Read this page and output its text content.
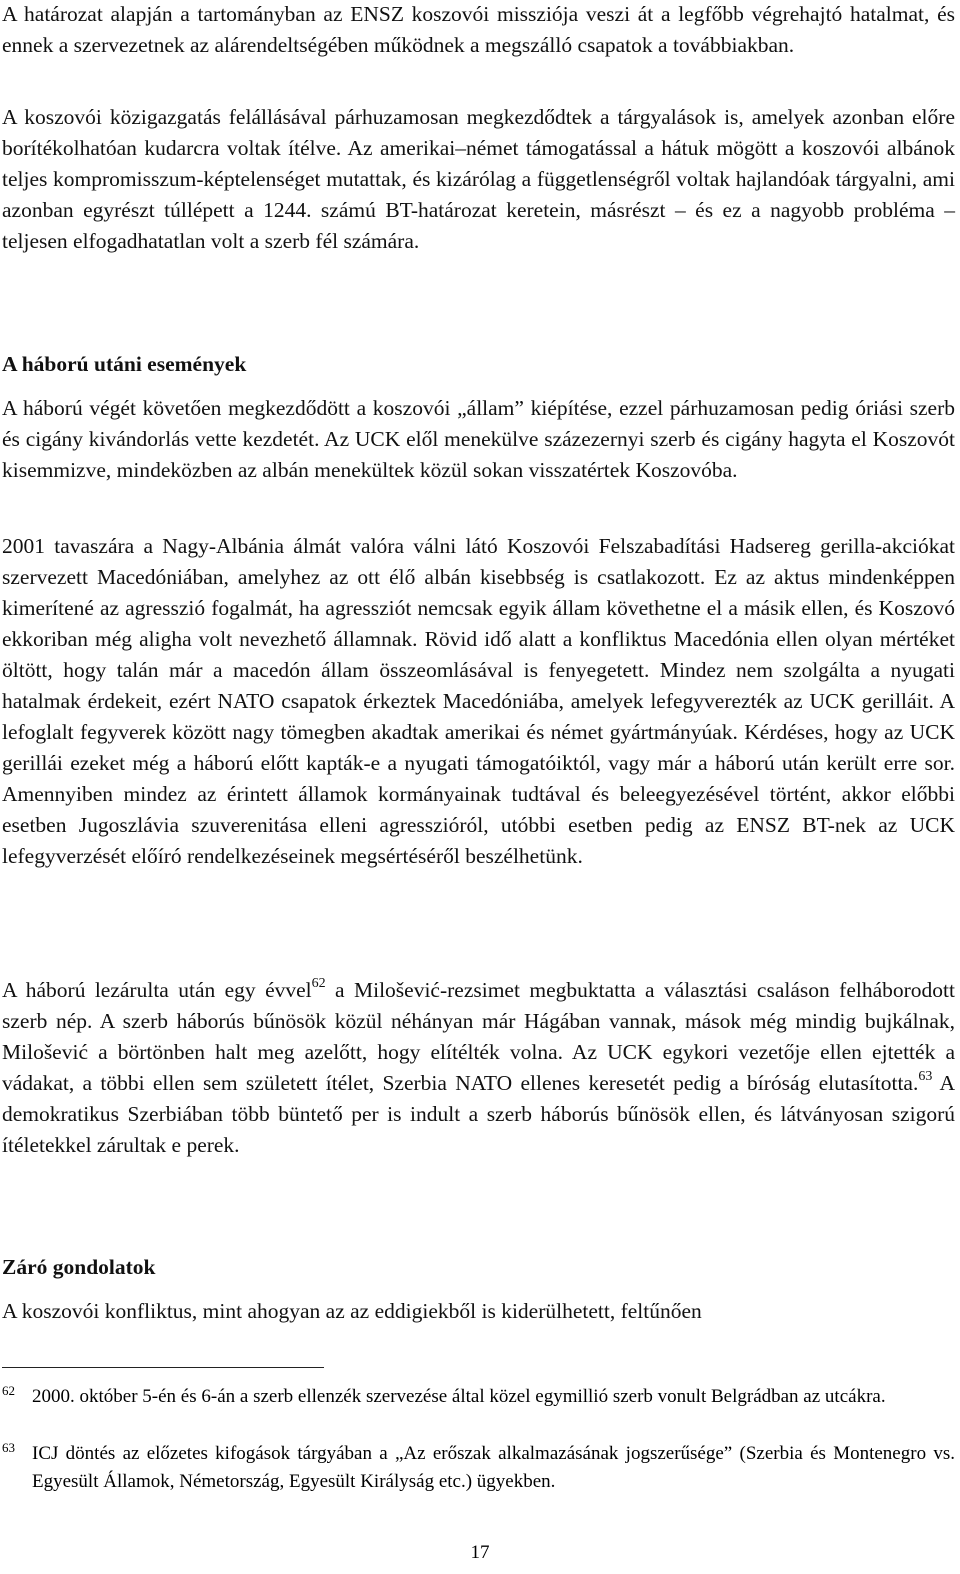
A határozat alapján a tartományban az ENSZ koszovói missziója veszi át a legfőbb végrehajtó hatalmat, és ennek a szervezetnek az alárendeltségében működnek a megszálló csapatok a továbbiakban.

A koszovói közigazgatás felállásával párhuzamosan megkezdődtek a tárgyalások is, amelyek azonban előre borítékolhatóan kudarcra voltak ítélve. Az amerikai–német támogatással a hátuk mögött a koszovói albánok teljes kompromisszum-képtelenséget mutattak, és kizárólag a függetlenségről voltak hajlandóak tárgyalni, ami azonban egyrészt túllépett a 1244. számú BT-határozat keretein, másrészt – és ez a nagyobb probléma – teljesen elfogadhatatlan volt a szerb fél számára.

A háború utáni események

A háború végét követően megkezdődött a koszovói „állam” kiépítése, ezzel párhuzamosan pedig óriási szerb és cigány kivándorlás vette kezdetét. Az UCK elől menekülve százezernyi szerb és cigány hagyta el Koszovót kisemmizve, mindeközben az albán menekültek közül sokan visszatértek Koszovóba.

2001 tavaszára a Nagy-Albánia álmát valóra válni látó Koszovói Felszabadítási Hadsereg gerilla-akciókat szervezett Macedóniában, amelyhez az ott élő albán kisebbség is csatlakozott. Ez az aktus mindenképpen kimerítené az agresszió fogalmát, ha agressziót nemcsak egyik állam követhetne el a másik ellen, és Koszovó ekkoriban még aligha volt nevezhető államnak. Rövid idő alatt a konfliktus Macedónia ellen olyan mértéket öltött, hogy talán már a macedón állam összeomlásával is fenyegetett. Mindez nem szolgálta a nyugati hatalmak érdekeit, ezért NATO csapatok érkeztek Macedóniába, amelyek lefegyverezték az UCK gerilláit. A lefoglalt fegyverek között nagy tömegben akadtak amerikai és német gyártmányúak. Kérdéses, hogy az UCK gerillái ezeket még a háború előtt kapták-e a nyugati támogatóiktól, vagy már a háború után került erre sor. Amennyiben mindez az érintett államok kormányainak tudtával és beleegyezésével történt, akkor előbbi esetben Jugoszlávia szuverenitása elleni agresszióról, utóbbi esetben pedig az ENSZ BT-nek az UCK lefegyverzését előíró rendelkezéseinek megsértéséről beszélhetünk.

A háború lezárulta után egy évvel$^{62}$ a Milošević-rezsimet megbuktatta a választási csaláson felháborodott szerb nép. A szerb háborús bűnösök közül néhányan már Hágában vannak, mások még mindig bujkálnak, Milošević a börtönben halt meg azelőtt, hogy elítélték volna. Az UCK egykori vezetője ellen ejtették a vádakat, a többi ellen sem született ítélet, Szerbia NATO ellenes keresetét pedig a bíróság elutasította.$^{63}$ A demokratikus Szerbiában több büntető per is indult a szerb háborús bűnösök ellen, és látványosan szigorú ítéletekkel zárultak e perek.

Záró gondolatok

A koszovói konfliktus, mint ahogyan az az eddigiekből is kiderülhetett, feltűnően

62 2000. október 5-én és 6-án a szerb ellenzék szervezése által közel egymillió szerb vonult Belgrádban az utcákra.
63 ICJ döntés az előzetes kifogások tárgyában a „Az erőszak alkalmazásának jogszerűsége” (Szerbia és Montenegro vs. Egyesült Államok, Németország, Egyesült Királyság etc.) ügyekben.
17
